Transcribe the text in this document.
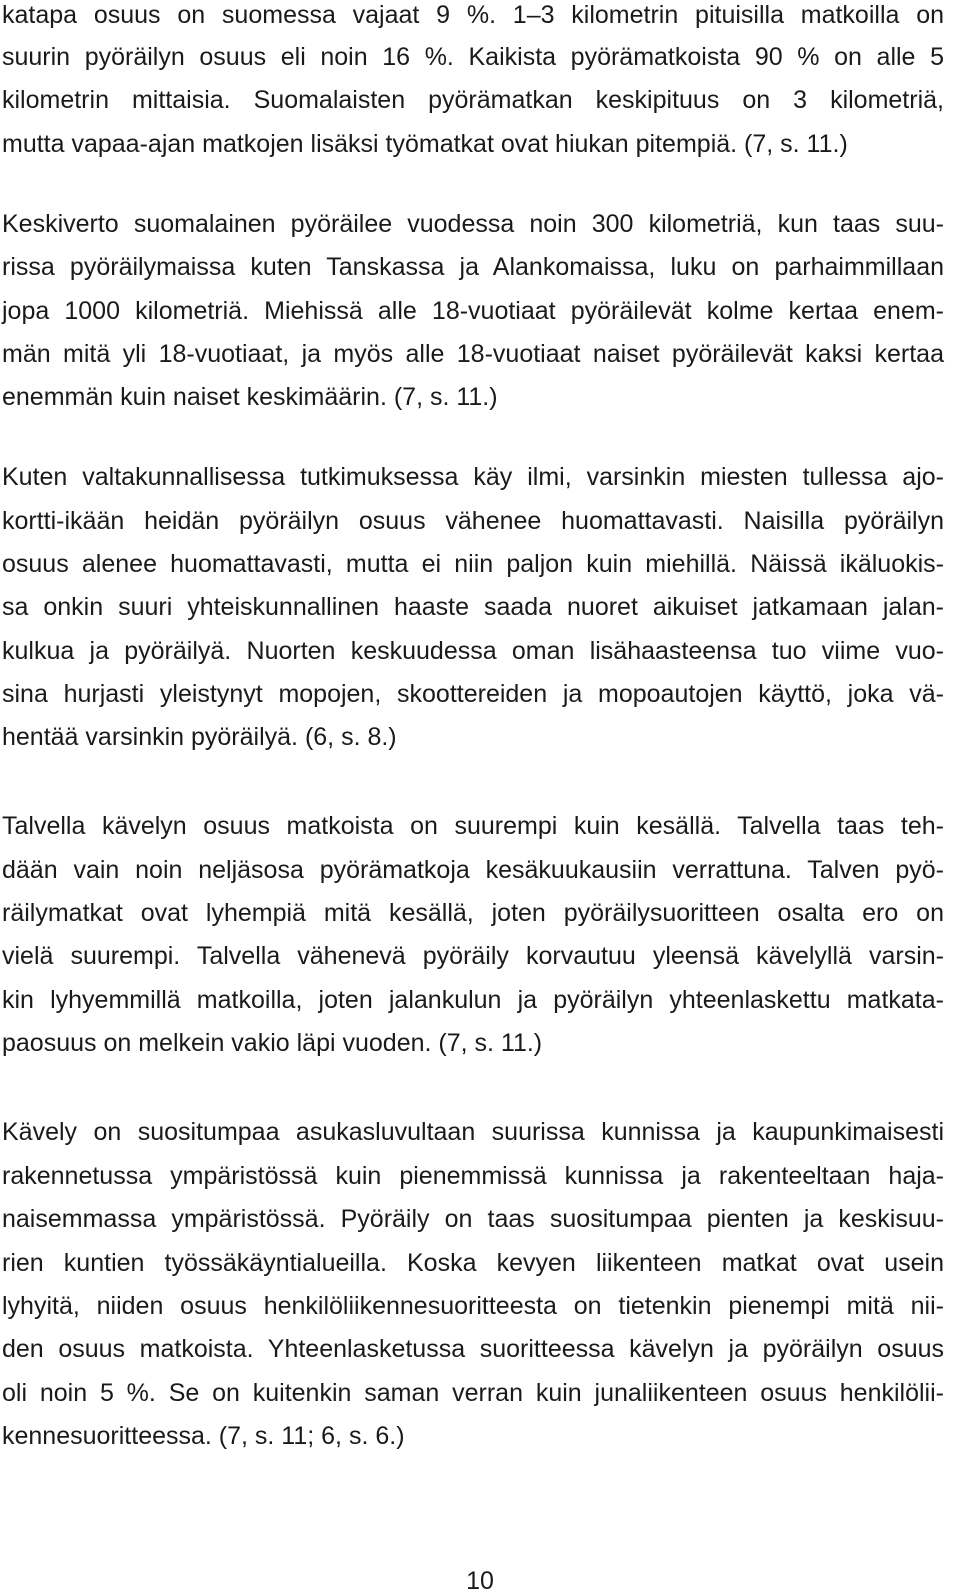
katapa osuus on suomessa vajaat 9 %. 1–3 kilometrin pituisilla matkoilla on
suurin pyöräilyn osuus eli noin 16 %. Kaikista pyörämatkoista 90 % on alle 5
kilometrin mittaisia. Suomalaisten pyörämatkan keskipituus on 3 kilometriä,
mutta vapaa-ajan matkojen lisäksi työmatkat ovat hiukan pitempiä. (7, s. 11.)
Keskiverto suomalainen pyöräilee vuodessa noin 300 kilometriä, kun taas suu-
rissa pyöräilymaissa kuten Tanskassa ja Alankomaissa, luku on parhaimmillaan
jopa 1000 kilometriä. Miehissä alle 18-vuotiaat pyöräilevät kolme kertaa enem-
män mitä yli 18-vuotiaat, ja myös alle 18-vuotiaat naiset pyöräilevät kaksi kertaa
enemmän kuin naiset keskimäärin. (7, s. 11.)
Kuten valtakunnallisessa tutkimuksessa käy ilmi, varsinkin miesten tullessa ajo-
kortti-ikään heidän pyöräilyn osuus vähenee huomattavasti. Naisilla pyöräilyn
osuus alenee huomattavasti, mutta ei niin paljon kuin miehillä. Näissä ikäluokis-
sa onkin suuri yhteiskunnallinen haaste saada nuoret aikuiset jatkamaan jalan-
kulkua ja pyöräilyä. Nuorten keskuudessa oman lisähaasteensa tuo viime vuo-
sina hurjasti yleistynyt mopojen, skoottereiden ja mopoautojen käyttö, joka vä-
hentää varsinkin pyöräilyä. (6, s. 8.)
Talvella kävelyn osuus matkoista on suurempi kuin kesällä. Talvella taas teh-
dään vain noin neljäsosa pyörämatkoja kesäkuukausiin verrattuna. Talven pyö-
räilymatkat ovat lyhempiä mitä kesällä, joten pyöräilysuoritteen osalta ero on
vielä suurempi. Talvella vähenevä pyöräily korvautuu yleensä kävelyllä varsin-
kin lyhyemmillä matkoilla, joten jalankulun ja pyöräilyn yhteenlaskettu matkata-
paosuus on melkein vakio läpi vuoden. (7, s. 11.)
Kävely on suositumpaa asukasluvultaan suurissa kunnissa ja kaupunkimaisesti
rakennetussa ympäristössä kuin pienemmissä kunnissa ja rakenteeltaan haja-
naisemmassa ympäristössä. Pyöräily on taas suositumpaa pienten ja keskisuu-
rien kuntien työssäkäyntialueilla. Koska kevyen liikenteen matkat ovat usein
lyhyitä, niiden osuus henkilöliikennesuoritteesta on tietenkin pienempi mitä nii-
den osuus matkoista. Yhteenlasketussa suoritteessa kävelyn ja pyöräilyn osuus
oli noin 5 %. Se on kuitenkin saman verran kuin junaliikenteen osuus henkilölii-
kennesuoritteessa. (7, s. 11; 6, s. 6.)
10
